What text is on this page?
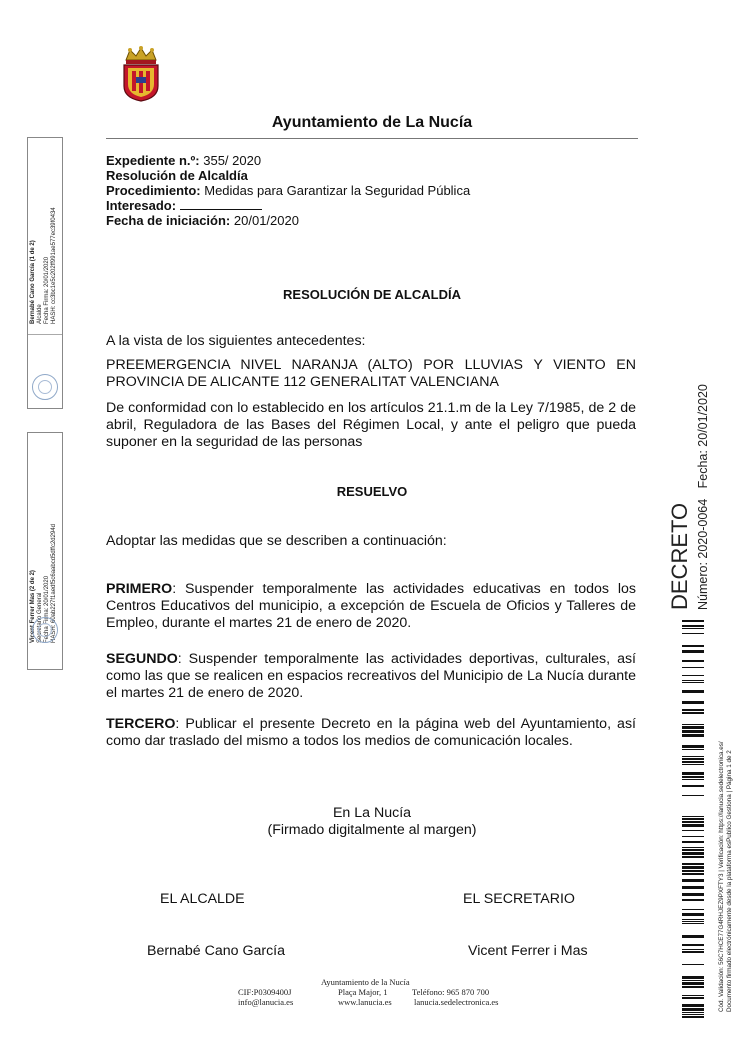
Ayuntamiento de La Nucía
Expediente n.º: 355/ 2020
Resolución de Alcaldía
Procedimiento: Medidas para Garantizar la Seguridad Pública
Interesado:
Fecha de iniciación: 20/01/2020
RESOLUCIÓN DE ALCALDÍA
A la vista de los siguientes antecedentes:
PREEMERGENCIA NIVEL NARANJA (ALTO) POR LLUVIAS Y VIENTO EN PROVINCIA DE ALICANTE 112 GENERALITAT VALENCIANA
De conformidad con lo establecido en los artículos 21.1.m de la Ley 7/1985, de 2 de abril, Reguladora de las Bases del Régimen Local, y ante el peligro que pueda suponer en la seguridad de las personas
RESUELVO
Adoptar las medidas que se describen a continuación:
PRIMERO: Suspender temporalmente las actividades educativas en todos los Centros Educativos del municipio, a excepción de Escuela de Oficios y Talleres de Empleo, durante el martes 21 de enero de 2020.
SEGUNDO: Suspender temporalmente las actividades deportivas, culturales, así como las que se realicen en espacios recreativos del Municipio de La Nucía durante el martes 21 de enero de 2020.
TERCERO: Publicar el presente Decreto en la página web del Ayuntamiento, así como dar traslado del mismo a todos los medios de comunicación locales.
En La Nucía
(Firmado digitalmente al margen)
EL ALCALDE	EL SECRETARIO
Bernabé Cano García	Vicent Ferrer i Mas
Ayuntamiento de la Nucía
CIF:P0309400J	Plaça Major, 1	Teléfono: 965 870 700
info@lanucia.es	www.lanucia.es	lanucia.sedelectronica.es
Bernabé Cano García (1 de 2) Alcalde Fecha Firma: 20/01/2020 HASH: cc3bc1e5c202ff991ae577ec39f0434
Vicent Ferrer Mas (2 de 2) Secretario General Fecha Firma: 20/01/2020 HASH: 60ab227f1aedf5c6aabcd5dffc2d294d	DECRETO Número: 2020-0064   Fecha: 20/01/2020
Cód. Validación: 56C7HCE77G4RHJEZ9PXFTY3 | Verificación: https://lanucia.sedelectronica.es/ Documento firmado electrónicamente desde la plataforma esPublico Gestiona | Página 1 de 2
